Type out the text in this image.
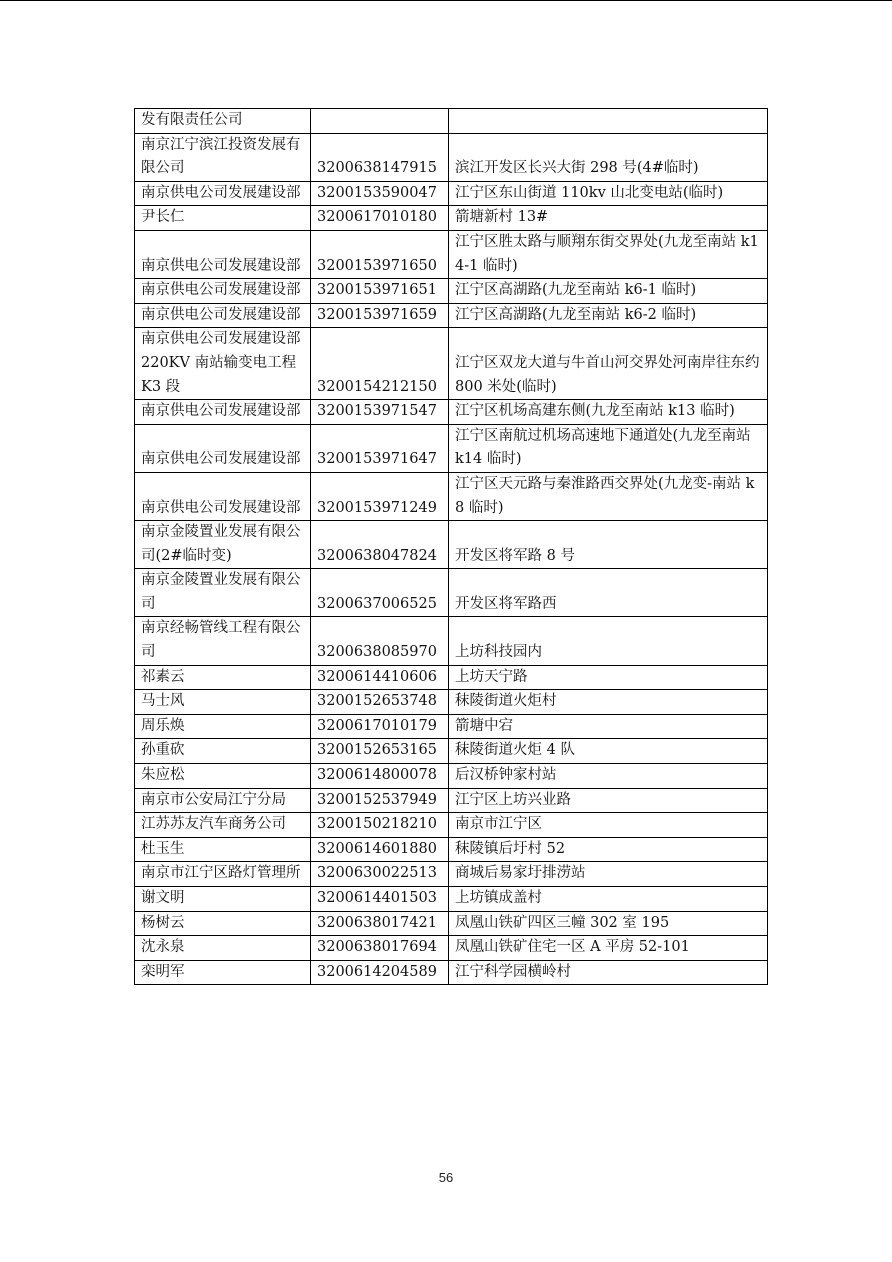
发有限责任公司		
南京江宁滨江投资发展有限公司	3200638147915	滨江开发区长兴大街 298 号(4#临时)
南京供电公司发展建设部	3200153590047	江宁区东山街道 110kv 山北变电站(临时)
尹长仁	3200617010180	箭塘新村 13#
南京供电公司发展建设部	3200153971650	江宁区胜太路与顺翔东街交界处(九龙至南站 k14-1 临时)
南京供电公司发展建设部	3200153971651	江宁区高湖路(九龙至南站 k6-1 临时)
南京供电公司发展建设部	3200153971659	江宁区高湖路(九龙至南站 k6-2 临时)
南京供电公司发展建设部 220KV 南站输变电工程 K3 段	3200154212150	江宁区双龙大道与牛首山河交界处河南岸往东约 800 米处(临时)
南京供电公司发展建设部	3200153971547	江宁区机场高建东侧(九龙至南站 k13 临时)
南京供电公司发展建设部	3200153971647	江宁区南航过机场高速地下通道处(九龙至南站 k14 临时)
南京供电公司发展建设部	3200153971249	江宁区天元路与秦淮路西交界处(九龙变-南站 k8 临时)
南京金陵置业发展有限公司(2#临时变)	3200638047824	开发区将军路 8 号
南京金陵置业发展有限公司	3200637006525	开发区将军路西
南京经畅管线工程有限公司	3200638085970	上坊科技园内
祁素云	3200614410606	上坊天宁路
马士风	3200152653748	秣陵街道火炬村
周乐焕	3200617010179	箭塘中宕
孙重砍	3200152653165	秣陵街道火炬 4 队
朱应松	3200614800078	后汉桥钟家村站
南京市公安局江宁分局	3200152537949	江宁区上坊兴业路
江苏苏友汽车商务公司	3200150218210	南京市江宁区
杜玉生	3200614601880	秣陵镇后圩村 52
南京市江宁区路灯管理所	3200630022513	商城后易家圩排涝站
谢文明	3200614401503	上坊镇成盖村
杨树云	3200638017421	凤凰山铁矿四区三幢 302 室 195
沈永泉	3200638017694	凤凰山铁矿住宅一区 A 平房 52-101
栾明军	3200614204589	江宁科学园横岭村
56
